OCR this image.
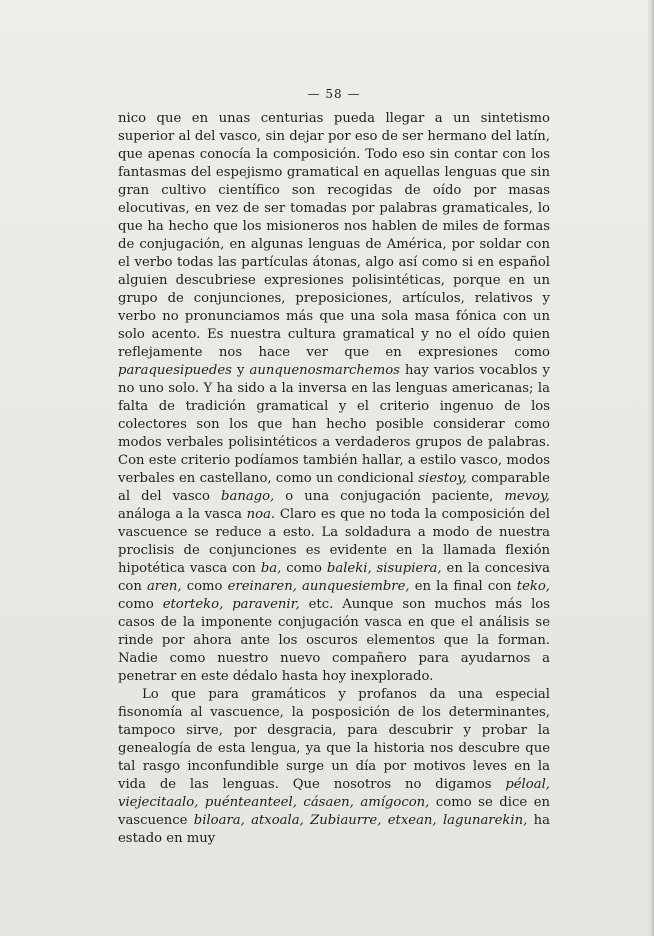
— 58 —

nico que en unas centurias pueda llegar a un sintetismo superior al del vasco, sin dejar por eso de ser hermano del latín, que apenas conocía la composición. Todo eso sin contar con los fantasmas del espejismo gramatical en aquellas lenguas que sin gran cultivo científico son recogidas de oído por masas elocutivas, en vez de ser tomadas por palabras gramaticales, lo que ha hecho que los misioneros nos hablen de miles de formas de conjugación, en algunas lenguas de América, por soldar con el verbo todas las partículas átonas, algo así como si en español alguien descubriese expresiones polisintéticas, porque en un grupo de conjunciones, preposiciones, artículos, relativos y verbo no pronunciamos más que una sola masa fónica con un solo acento. Es nuestra cultura gramatical y no el oído quien reflejamente nos hace ver que en expresiones como paraquesipuedes y aunquenosmarchemos hay varios vocablos y no uno solo. Y ha sido a la inversa en las lenguas americanas; la falta de tradición gramatical y el criterio ingenuo de los colectores son los que han hecho posible considerar como modos verbales polisintéticos a verdaderos grupos de palabras. Con este criterio podíamos también hallar, a estilo vasco, modos verbales en castellano, como un condicional siestoy, comparable al del vasco banago, o una conjugación paciente, mevoy, análoga a la vasca noa. Claro es que no toda la composición del vascuence se reduce a esto. La soldadura a modo de nuestra proclisis de conjunciones es evidente en la llamada flexión hipotética vasca con ba, como baleki, sisupiera, en la concesiva con aren, como ereinaren, aunquesiembre, en la final con teko, como etorteko, paravenir, etc. Aunque son muchos más los casos de la imponente conjugación vasca en que el análisis se rinde por ahora ante los oscuros elementos que la forman. Nadie como nuestro nuevo compañero para ayudarnos a penetrar en este dédalo hasta hoy inexplorado.

Lo que para gramáticos y profanos da una especial fisonomía al vascuence, la posposición de los determinantes, tampoco sirve, por desgracia, para descubrir y probar la genealogía de esta lengua, ya que la historia nos descubre que tal rasgo inconfundible surge un día por motivos leves en la vida de las lenguas. Que nosotros no digamos péloal, viejecitaalo, puénteanteel, cásaen, amígocon, como se dice en vascuence biloara, atxoala, Zubiaurre, etxean, lagunarekin, ha estado en muy
